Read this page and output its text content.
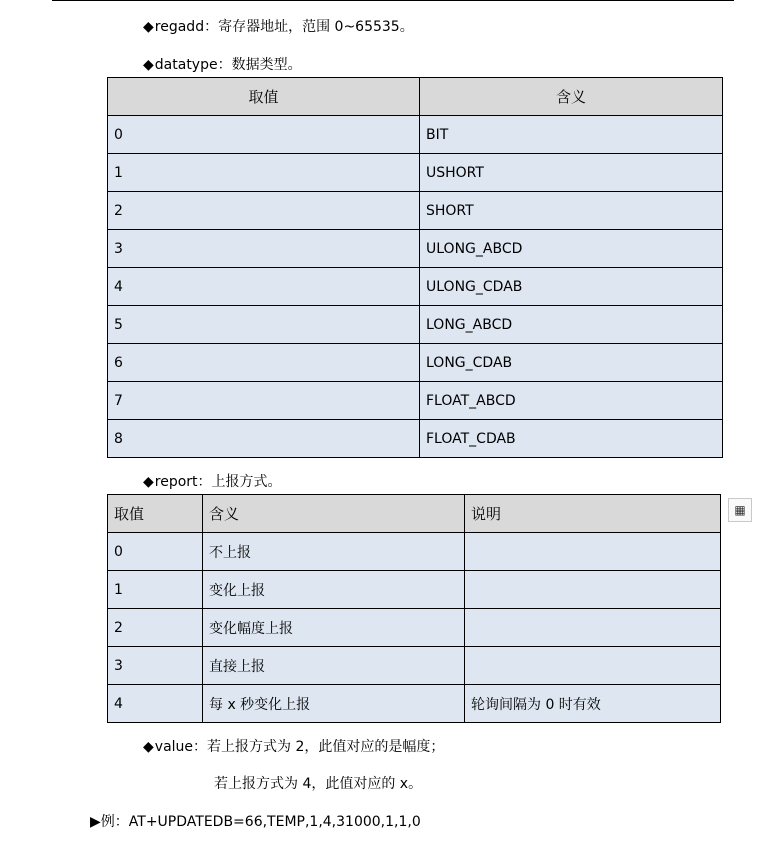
◆regadd：寄存器地址，范围 0~65535。
◆datatype：数据类型。
取值	含义
0	BIT
1	USHORT
2	SHORT
3	ULONG_ABCD
4	ULONG_CDAB
5	LONG_ABCD
6	LONG_CDAB
7	FLOAT_ABCD
8	FLOAT_CDAB
◆report：上报方式。
取值	含义	说明
0	不上报	
1	变化上报	
2	变化幅度上报	
3	直接上报	
4	每 x 秒变化上报	轮询间隔为 0 时有效
▦
◆value：若上报方式为 2，此值对应的是幅度；
若上报方式为 4，此值对应的 x。
▶例：AT+UPDATEDB=66,TEMP,1,4,31000,1,1,0
